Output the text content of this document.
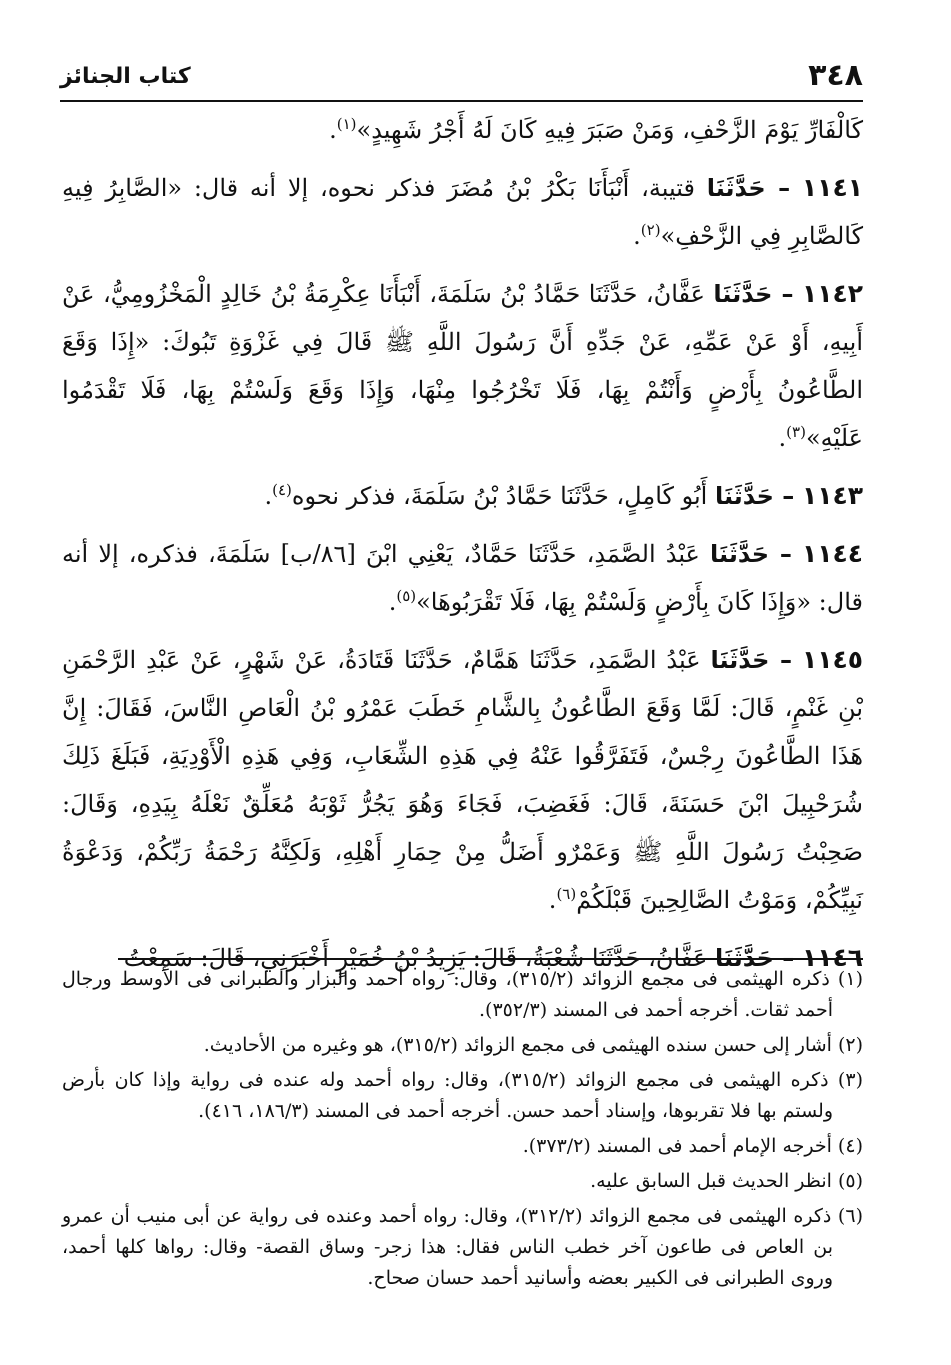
٣٤٨
كتاب الجنائز

كَالْفَارِّ يَوْمَ الزَّحْفِ، وَمَنْ صَبَرَ فِيهِ كَانَ لَهُ أَجْرُ شَهِيدٍ»$^{(١)}$.

١١٤١ – حَدَّثَنَا قتيبة، أَنْبَأَنَا بَكْرُ بْنُ مُضَرَ فذكر نحوه، إلا أنه قال: «الصَّابِرُ فِيهِ كَالصَّابِرِ فِي الزَّحْفِ»$^{(٢)}$.

١١٤٢ – حَدَّثَنَا عَفَّانُ، حَدَّثَنَا حَمَّادُ بْنُ سَلَمَةَ، أَنْبَأَنَا عِكْرِمَةُ بْنُ خَالِدٍ الْمَخْزُومِيُّ، عَنْ أَبِيهِ، أَوْ عَنْ عَمِّهِ، عَنْ جَدِّهِ أَنَّ رَسُولَ اللَّهِ ﷺ قَالَ فِي غَزْوَةِ تَبُوكَ: «إِذَا وَقَعَ الطَّاعُونُ بِأَرْضٍ وَأَنْتُمْ بِهَا، فَلَا تَخْرُجُوا مِنْهَا، وَإِذَا وَقَعَ وَلَسْتُمْ بِهَا، فَلَا تَقْدَمُوا عَلَيْهِ»$^{(٣)}$.

١١٤٣ – حَدَّثَنَا أَبُو كَامِلٍ، حَدَّثَنَا حَمَّادُ بْنُ سَلَمَةَ، فذكر نحوه$^{(٤)}$.

١١٤٤ – حَدَّثَنَا عَبْدُ الصَّمَدِ، حَدَّثَنَا حَمَّادٌ، يَعْنِي ابْنَ [٨٦/ب] سَلَمَةَ، فذكره، إلا أنه قال: «وَإِذَا كَانَ بِأَرْضٍ وَلَسْتُمْ بِهَا، فَلَا تَقْرَبُوهَا»$^{(٥)}$.

١١٤٥ – حَدَّثَنَا عَبْدُ الصَّمَدِ، حَدَّثَنَا هَمَّامٌ، حَدَّثَنَا قَتَادَةُ، عَنْ شَهْرٍ، عَنْ عَبْدِ الرَّحْمَنِ بْنِ غَنْمٍ، قَالَ: لَمَّا وَقَعَ الطَّاعُونُ بِالشَّامِ خَطَبَ عَمْرُو بْنُ الْعَاصِ النَّاسَ، فَقَالَ: إِنَّ هَذَا الطَّاعُونَ رِجْسٌ، فَتَفَرَّقُوا عَنْهُ فِي هَذِهِ الشِّعَابِ، وَفِي هَذِهِ الْأَوْدِيَةِ، فَبَلَغَ ذَلِكَ شُرَحْبِيلَ ابْنَ حَسَنَةَ، قَالَ: فَغَضِبَ، فَجَاءَ وَهُوَ يَجُرُّ ثَوْبَهُ مُعَلِّقٌ نَعْلَهُ بِيَدِهِ، وَقَالَ: صَحِبْتُ رَسُولَ اللَّهِ ﷺ وَعَمْرٌو أَضَلُّ مِنْ حِمَارِ أَهْلِهِ، وَلَكِنَّهُ رَحْمَةُ رَبِّكُمْ، وَدَعْوَةُ نَبِيِّكُمْ، وَمَوْتُ الصَّالِحِينَ قَبْلَكُمْ$^{(٦)}$.

١١٤٦ – حَدَّثَنَا عَفَّانُ، حَدَّثَنَا شُعْبَةُ، قَالَ: يَزِيدُ بْنُ خُمَيْرٍ أَخْبَرَنِي، قَالَ: سَمِعْتُ

(١) ذكره الهيثمى فى مجمع الزوائد (٣١٥/٢)، وقال: رواه أحمد والبزار والطبرانى فى الأوسط ورجال أحمد ثقات. أخرجه أحمد فى المسند (٣٥٢/٣).

(٢) أشار إلى حسن سنده الهيثمى فى مجمع الزوائد (٣١٥/٢)، هو وغيره من الأحاديث.

(٣) ذكره الهيثمى فى مجمع الزوائد (٣١٥/٢)، وقال: رواه أحمد وله عنده فى رواية وإذا كان بأرض ولستم بها فلا تقربوها، وإسناد أحمد حسن. أخرجه أحمد فى المسند (١٨٦/٣، ٤١٦).

(٤) أخرجه الإمام أحمد فى المسند (٣٧٣/٢).

(٥) انظر الحديث قبل السابق عليه.

(٦) ذكره الهيثمى فى مجمع الزوائد (٣١٢/٢)، وقال: رواه أحمد وعنده فى رواية عن أبى منيب أن عمرو بن العاص فى طاعون آخر خطب الناس فقال: هذا زجر- وساق القصة- وقال: رواها كلها أحمد، وروى الطبرانى فى الكبير بعضه وأسانيد أحمد حسان صحاح.
